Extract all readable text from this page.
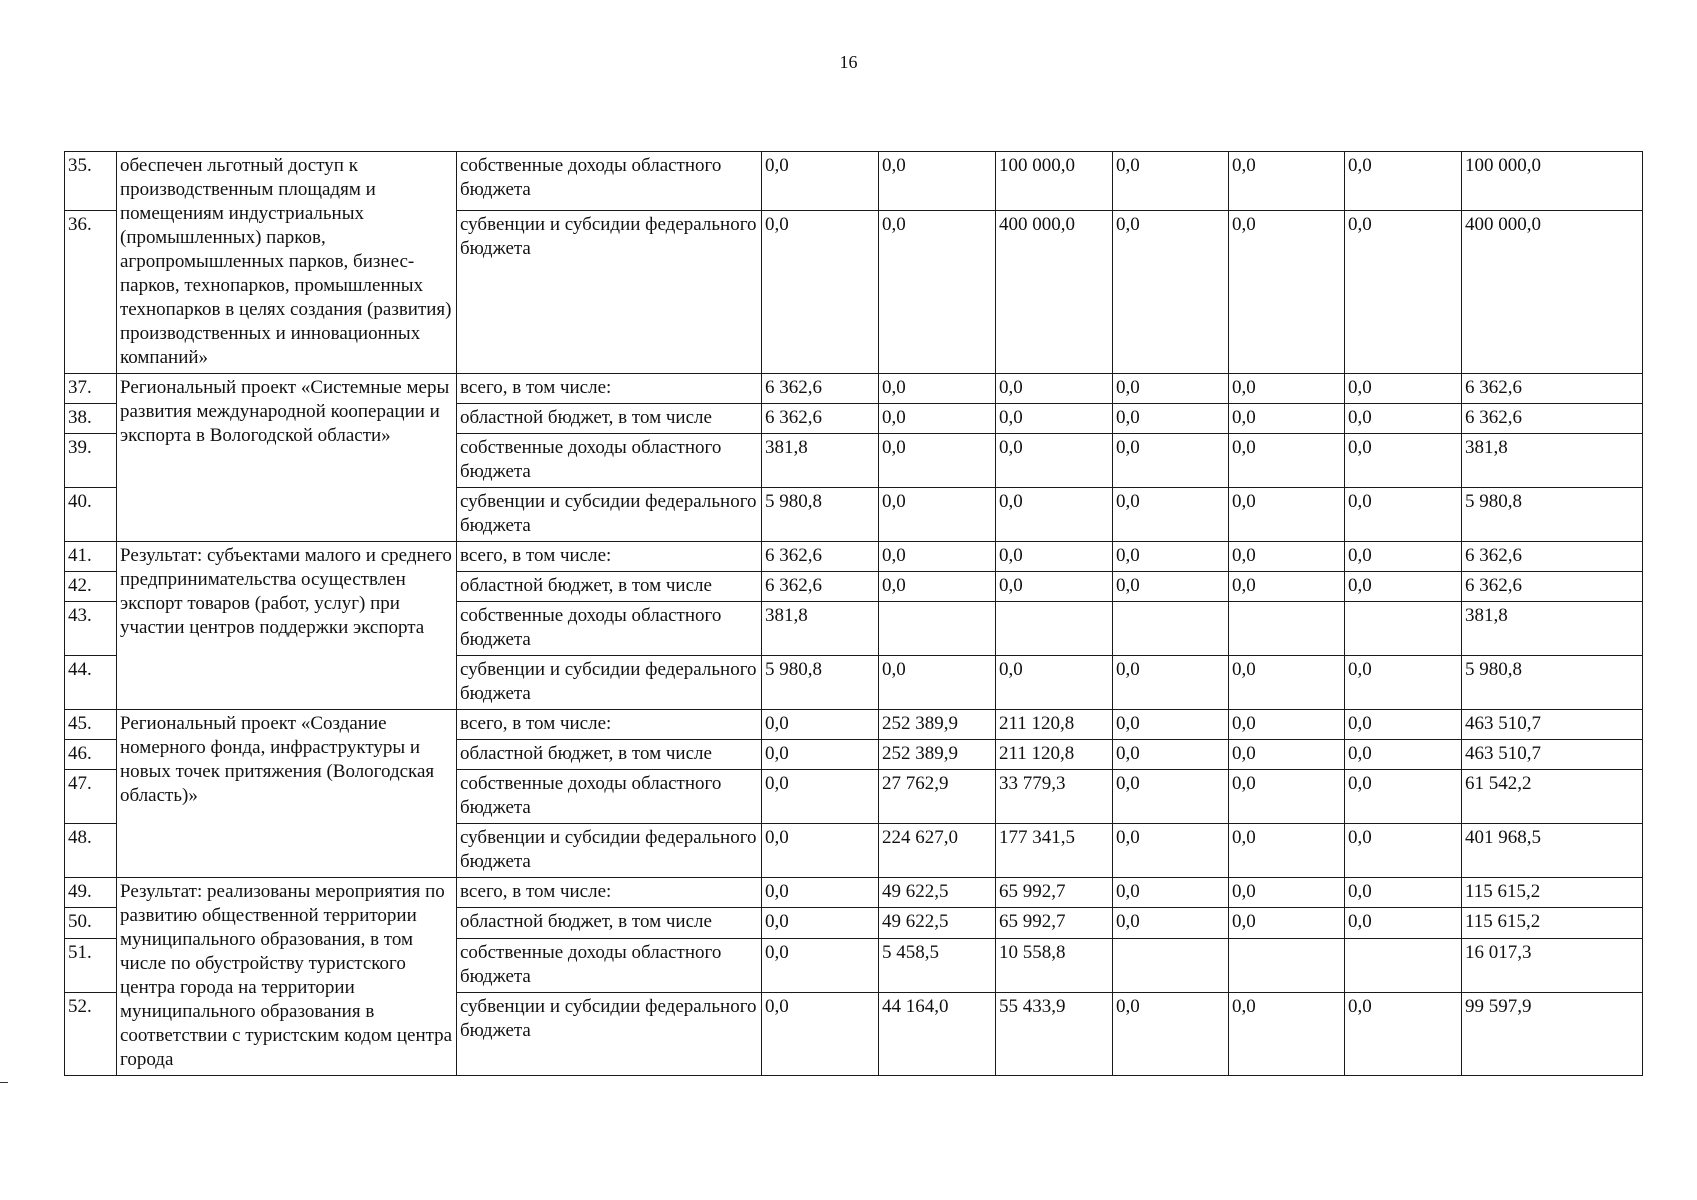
16
35.	обеспечен льготный доступ к производственным площадям и помещениям индустриальных (промышленных) парков, агропромышленных парков, бизнес-парков, технопарков, промышленных технопарков в целях создания (развития) производственных и инновационных компаний»	собственные доходы областного бюджета	0,0	0,0	100 000,0	0,0	0,0	0,0	100 000,0
36.		субвенции и субсидии федерального бюджета	0,0	0,0	400 000,0	0,0	0,0	0,0	400 000,0
37.	Региональный проект «Системные меры развития международной кооперации и экспорта в Вологодской области»	всего, в том числе:	6 362,6	0,0	0,0	0,0	0,0	0,0	6 362,6
38.		областной бюджет, в том числе	6 362,6	0,0	0,0	0,0	0,0	0,0	6 362,6
39.		собственные доходы областного бюджета	381,8	0,0	0,0	0,0	0,0	0,0	381,8
40.		субвенции и субсидии федерального бюджета	5 980,8	0,0	0,0	0,0	0,0	0,0	5 980,8
41.	Результат: субъектами малого и среднего предпринимательства осуществлен экспорт товаров (работ, услуг) при участии центров поддержки экспорта	всего, в том числе:	6 362,6	0,0	0,0	0,0	0,0	0,0	6 362,6
42.		областной бюджет, в том числе	6 362,6	0,0	0,0	0,0	0,0	0,0	6 362,6
43.		собственные доходы областного бюджета	381,8						381,8
44.		субвенции и субсидии федерального бюджета	5 980,8	0,0	0,0	0,0	0,0	0,0	5 980,8
45.	Региональный проект «Создание номерного фонда, инфраструктуры и новых точек притяжения (Вологодская область)»	всего, в том числе:	0,0	252 389,9	211 120,8	0,0	0,0	0,0	463 510,7
46.		областной бюджет, в том числе	0,0	252 389,9	211 120,8	0,0	0,0	0,0	463 510,7
47.		собственные доходы областного бюджета	0,0	27 762,9	33 779,3	0,0	0,0	0,0	61 542,2
48.		субвенции и субсидии федерального бюджета	0,0	224 627,0	177 341,5	0,0	0,0	0,0	401 968,5
49.	Результат: реализованы мероприятия по развитию общественной территории муниципального образования, в том числе по обустройству туристского центра города на территории муниципального образования в соответствии с туристским кодом центра города	всего, в том числе:	0,0	49 622,5	65 992,7	0,0	0,0	0,0	115 615,2
50.		областной бюджет, в том числе	0,0	49 622,5	65 992,7	0,0	0,0	0,0	115 615,2
51.		собственные доходы областного бюджета	0,0	5 458,5	10 558,8				16 017,3
52.		субвенции и субсидии федерального бюджета	0,0	44 164,0	55 433,9	0,0	0,0	0,0	99 597,9
